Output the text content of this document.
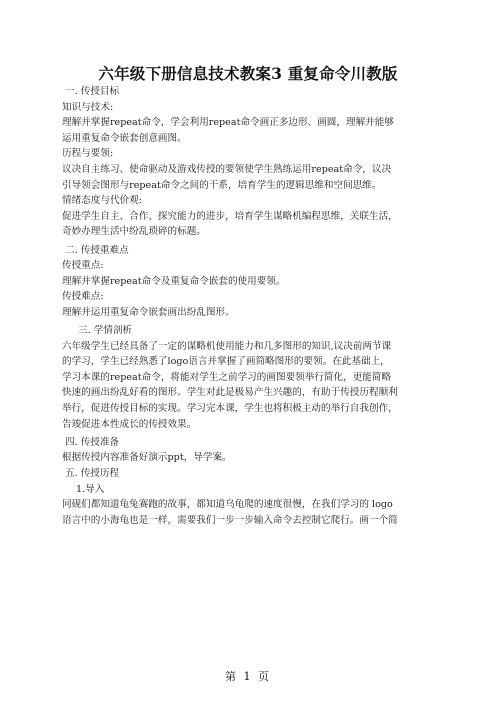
六年级下册信息技术教案3 重复命令川教版
一. 传授目标
知识与技术:
理解并掌握repeat命令，学会利用repeat命令画正多边形、画圆，理解并能够
运用重复命令嵌套创意画图。
历程与要领:
议决自主练习、使命驱动及游戏传授的要领使学生熟练运用repeat命令，议决
引导领会图形与repeat命令之间的干系，培育学生的逻辑思维和空间思维。
情绪态度与代价观:
促进学生自主、合作、探究能力的进步，培育学生谋略机编程思维，关联生活，
奇妙办理生活中纷乱琐碎的标题。
二. 传授重难点
传授重点:
理解并掌握repeat命令及重复命令嵌套的使用要领。
传授难点:
理解并运用重复命令嵌套画出纷乱图形。
三. 学情剖析
六年级学生已经具备了一定的谋略机使用能力和几多图形的知识,议决前两节课
的学习，学生已经熟悉了logo语言并掌握了画简略图形的要领。在此基础上，
学习本课的repeat命令，将能对学生之前学习的画图要领举行简化，更能简略
快速的画出纷乱好看的图形。学生对此是极易产生兴趣的，有助于传授历程顺利
举行，促进传授目标的实现。学习完本课，学生也将积极主动的举行自我创作，
告竣促进本性成长的传授效果。
四. 传授准备
根据传授内容准备好演示ppt，导学案。
五. 传授历程
1.导入
同砚们都知道龟兔赛跑的故事，都知道乌龟爬的速度很慢，在我们学习的 logo
语言中的小海龟也是一样，需要我们一步一步输入命令去控制它爬行。画一个简
第 1 页
